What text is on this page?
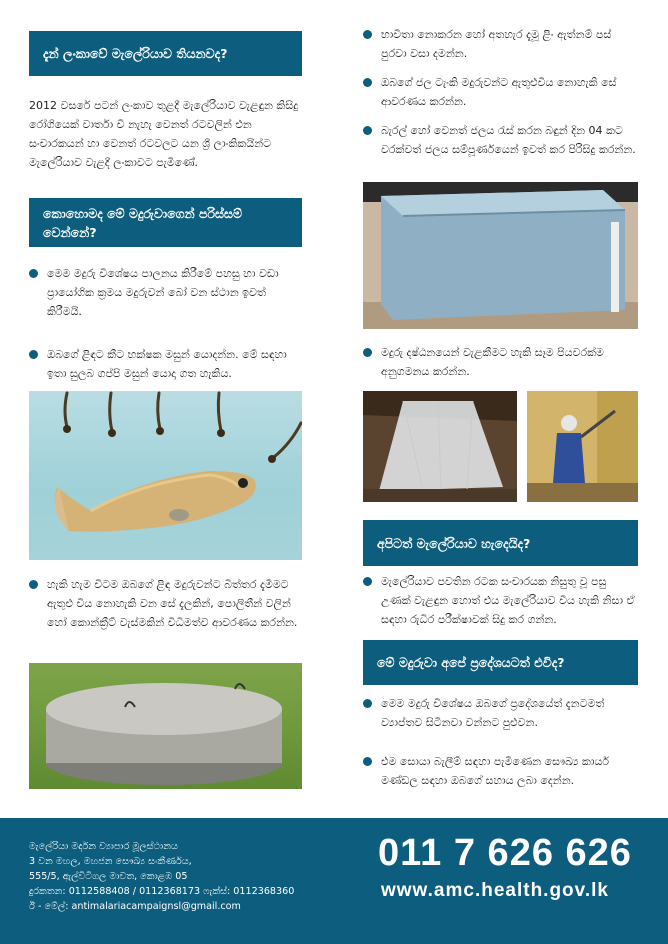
දැන් ලංකාවේ මැලේරියාව තියනවද?
2012 වසරේ පටන් ලංකාව තුළදී මැලේරියාව වැළඳුන කිසිදු රෝගියෙක් වාර්තා වී නැහැ වෙනත් රටවලින් එන සංචාරකයන් හා වෙනත් රටවලට යන ශ්‍රී ලාංකිකයින්ට මැලේරියාව වැළදී ලංකාවට පැමිණේ.
කොහොමද මේ මදුරුවාගෙන් පරිස්සම් වෙන්නේ?
මෙම මදුරු විශේෂය පාලනය කිරීමේ පහසු හා වඩා ප්‍රායෝගික ක්‍රමය මදුරුවන් බෝ වන ස්ථාන ඉවත් කිරීමයි.
ඔබගේ ළිඳට කීට භක්ෂක මසුන් යොදන්න. මේ සඳහා ඉතා සුලබ ගප්පි මසුන් යොදා ගත හැකිය.
හැකි හැම විටම ඔබගේ ළිඳ මදුරුවන්ට බිත්තර දැමීමට ඇතුළු විය නොහැකි වන සේ දැලකින්, පොලිතීන් වලින් හෝ කොන්ක්‍රීට් වැස්මකින් විධිමත්ව ආවරණය කරන්න.
භාවිතා නොකරන හෝ අතහැර දැමූ ළිං ඇත්නම් පස් පුරවා වසා දමන්න.
ඔබගේ ජල ටැංකි මදුරුවන්ට ඇතුළුවිය නොහැකි සේ ආවරණය කරන්න.
බැරල් හෝ වෙනත් ජලය රැස් කරන බඳුන් දින 04 කට වරක්වත් ජලය සම්පූර්ණයෙන් ඉවත් කර පිරිසිදු කරන්න.
මදුරු දෂ්ඨනයෙන් වැළකීමට හැකි සෑම පියවරක්ම අනුගමනය කරන්න.
අපිටත් මැලේරියාව හැදෙයිද?
මැලේරියාව පවතින රටක සංචාරයක නිසුතු වූ පසු උණක් වැළඳුන හොත් එය මැලේරියාව විය හැකි නිසා ඒ සඳහා රුධිර පරීක්ෂාවක් සිදු කර ගන්න.
මේ මදුරුවා අපේ ප්‍රදේශයටත් එවිද?
මෙම මදුරු විශේෂය ඔබගේ ප්‍රදේශයේත් දැනටමත් ව්‍යාප්තව සිටිනවා වන්නට පුළුවන.
එම සොයා බැලීම් සඳහා පැමිණෙන සෞඛ්‍ය කාර්ය මණ්ඩල සඳහා ඔබගේ සහාය ලබා දෙන්න.
මැලේරියා මර්දන ව්‍යාපාර මූලස්ථානය
3 වන මහල, මහජන සෞඛ්‍ය සංකීර්ණය,
555/5, ඇල්විටිගල මාවත, කොළඹ 05
දුරකතන: 0112588408 / 0112368173 ෆැක්ස්: 0112368360
ඊ - මේල්: antimalariacampaignsl@gmail.com
011 7 626 626
www.amc.health.gov.lk
